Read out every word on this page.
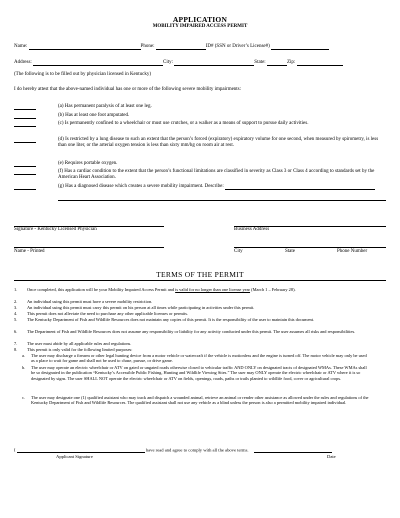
APPLICATION
MOBILITY IMPAIRED ACCESS PERMIT
Name:	Phone:	ID# (SSN or Driver’s License#)
Address:	City:	State:	Zip:
(The following is to be filled out by physician licensed in Kentucky)
I do hereby attest that the above-named individual has one or more of the following severe mobility impairments:
(a) Has permanent paralysis of at least one leg.
(b) Has at least one foot amputated.
(c) Is permanently confined to a wheelchair or must use crutches, or a walker as a means of support to pursue daily activities.
(d) Is restricted by a lung disease to such an extent that the person’s forced (expiratory) expiratory volume for one second, when measured by spirometry, is less than one liter, or the arterial oxygen tension is less than sixty mm/hg on room air at rest.
(e) Requires portable oxygen.
(f) Has a cardiac condition to the extent that the person’s functional limitations are classified in severity as Class 3 or Class 4 according to standards set by the American Heart Association.
(g) Has a diagnosed disease which creates a severe mobility impairment. Describe:
Signature - Kentucky Licensed Physician	Business Address
Name - Printed	City	State	Phone Number
TERMS OF THE PERMIT
1. Once completed, this application will be your Mobility Impaired Access Permit and is valid for no longer than one license year (March 1 – February 28).
2. An individual using this permit must have a severe mobility restriction.
3. An individual using this permit must carry this permit on his person at all times while participating in activities under this permit.
4. This permit does not alleviate the need to purchase any other applicable licenses or permits.
5. The Kentucky Department of Fish and Wildlife Resources does not maintain any copies of this permit. It is the responsibility of the user to maintain this document.
6. The Department of Fish and Wildlife Resources does not assume any responsibility or liability for any activity conducted under this permit. The user assumes all risks and responsibilities.
7. The user must abide by all applicable rules and regulations.
8. This permit is only valid for the following limited purposes:
a. The user may discharge a firearm or other legal hunting device from a motor vehicle or watercraft if the vehicle is motionless and the engine is turned off. The motor vehicle may only be used as a place to wait for game and shall not be used to chase, pursue, or drive game.
b. The user may operate an electric wheelchair or ATV on gated or ungated roads otherwise closed to vehicular traffic AND ONLY on designated tracts of designated WMAs. These WMAs shall be so designated in the publication “Kentucky’s Accessible Public Fishing, Hunting and Wildlife Viewing Sites.” The user may ONLY operate the electric wheelchair or ATV where it is so designated by signs. The user SHALL NOT operate the electric wheelchair or ATV on fields, openings, roads, paths or trails planted to wildlife food, cover or agricultural crops.
c. The user may designate one (1) qualified assistant who may track and dispatch a wounded animal, retrieve an animal or render other assistance as allowed under the rules and regulations of the Kentucky Department of Fish and Wildlife Resources. The qualified assistant shall not use any vehicle as a blind unless the person is also a permitted mobility impaired individual.
I	have read and agree to comply with all the above terms.
Applicant Signature	Date
